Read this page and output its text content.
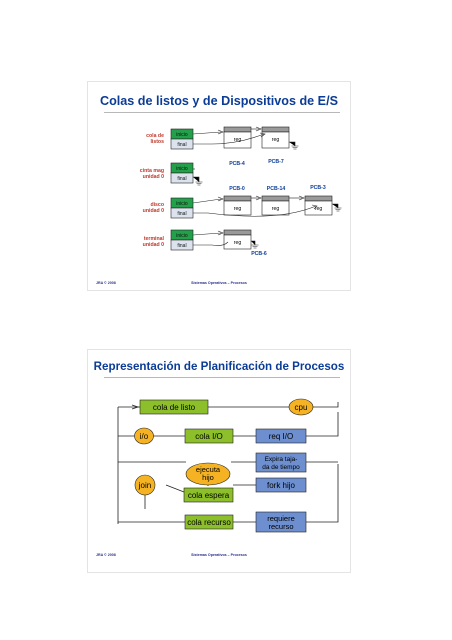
Colas de listos y de Dispositivos de E/S
cola de
listos
inicio
final
cinta mag
unidad 0
inicio
final
disco
unidad 0
inicio
final
terminal
unidad 0
inicio
final
reg
PCB-4
reg
PCB-7
reg
PCB-0
reg
PCB-14
reg
PCB-3
reg
PCB-6
JRA © 2008	Sistemas Operativos – Procesos
Representación de Planificación de Procesos
cola de listo	cpu
i/o	cola I/O	req I/O
Expira taja-
da de tiempo
ejecuta
hijo
join	fork hijo
cola espera
cola recurso	requiere
recurso
JRA © 2008	Sistemas Operativos – Procesos
